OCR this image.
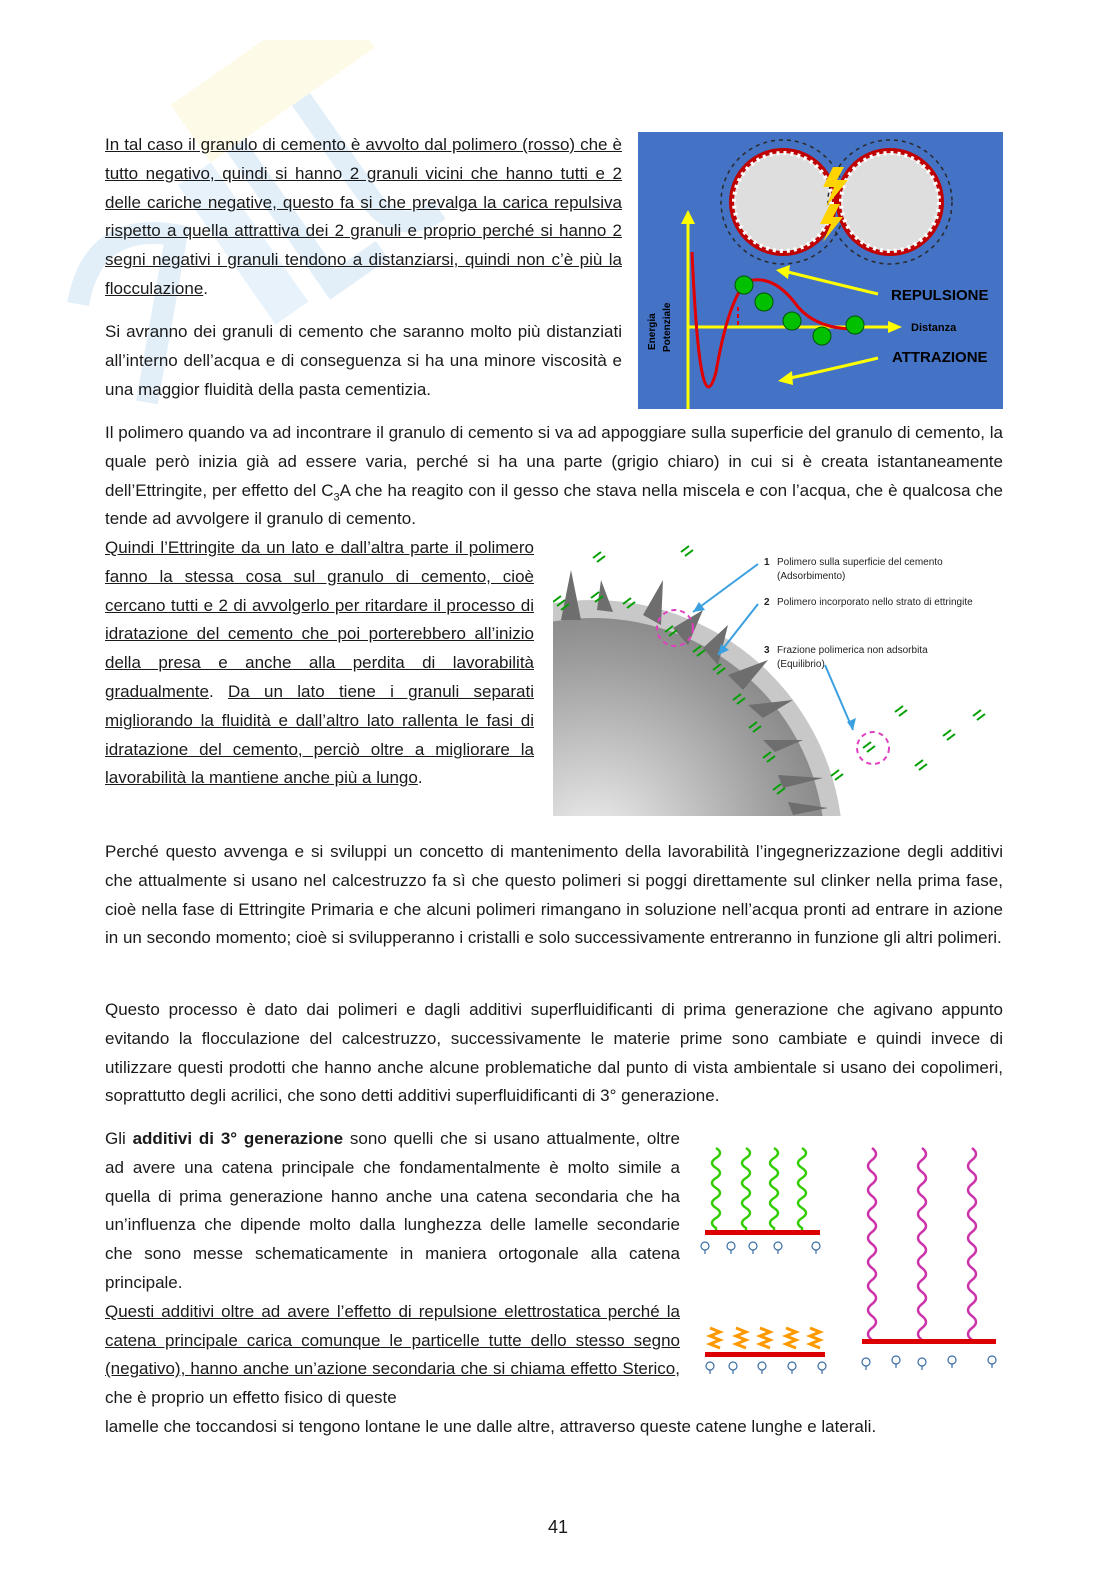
In tal caso il granulo di cemento è avvolto dal polimero (rosso) che è tutto negativo, quindi si hanno 2 granuli vicini che hanno tutti e 2 delle cariche negative, questo fa si che prevalga la carica repulsiva rispetto a quella attrattiva dei 2 granuli e proprio perché si hanno 2 segni negativi i granuli tendono a distanziarsi, quindi non c’è più la flocculazione.

Si avranno dei granuli di cemento che saranno molto più distanziati all’interno dell’acqua e di conseguenza si ha una minore viscosità e una maggior fluidità della pasta cementizia.

REPULSIONE
Distanza
ATTRAZIONE
Energia Potenziale

Il polimero quando va ad incontrare il granulo di cemento si va ad appoggiare sulla superficie del granulo di cemento, la quale però inizia già ad essere varia, perché si ha una parte (grigio chiaro) in cui si è creata istantaneamente dell’Ettringite, per effetto del $C_3A$ che ha reagito con il gesso che stava nella miscela e con l’acqua, che è qualcosa che tende ad avvolgere il granulo di cemento.

Quindi l’Ettringite da un lato e dall’altra parte il polimero fanno la stessa cosa sul granulo di cemento, cioè cercano tutti e 2 di avvolgerlo per ritardare il processo di idratazione del cemento che poi porterebbero all’inizio della presa e anche alla perdita di lavorabilità gradualmente. Da un lato tiene i granuli separati migliorando la fluidità e dall’altro lato rallenta le fasi di idratazione del cemento, perciò oltre a migliorare la lavorabilità la mantiene anche più a lungo.

1 Polimero sulla superficie del cemento
(Adsorbimento)
2 Polimero incorporato nello strato di ettringite
3 Frazione polimerica non adsorbita
(Equilibrio)

Perché questo avvenga e si sviluppi un concetto di mantenimento della lavorabilità l’ingegnerizzazione degli additivi che attualmente si usano nel calcestruzzo fa sì che questo polimeri si poggi direttamente sul clinker nella prima fase, cioè nella fase di Ettringite Primaria e che alcuni polimeri rimangano in soluzione nell’acqua pronti ad entrare in azione in un secondo momento; cioè si svilupperanno i cristalli e solo successivamente entreranno in funzione gli altri polimeri.

Questo processo è dato dai polimeri e dagli additivi superfluidificanti di prima generazione che agivano appunto evitando la flocculazione del calcestruzzo, successivamente le materie prime sono cambiate e quindi invece di utilizzare questi prodotti che hanno anche alcune problematiche dal punto di vista ambientale si usano dei copolimeri, soprattutto degli acrilici, che sono detti additivi superfluidificanti di 3° generazione.

Gli additivi di 3° generazione sono quelli che si usano attualmente, oltre ad avere una catena principale che fondamentalmente è molto simile a quella di prima generazione hanno anche una catena secondaria che ha un’influenza che dipende molto dalla lunghezza delle lamelle secondarie che sono messe schematicamente in maniera ortogonale alla catena principale.

Questi additivi oltre ad avere l’effetto di repulsione elettrostatica perché la catena principale carica comunque le particelle tutte dello stesso segno (negativo), hanno anche un’azione secondaria che si chiama effetto Sterico, che è proprio un effetto fisico di queste

lamelle che toccandosi si tengono lontane le une dalle altre, attraverso queste catene lunghe e laterali.

41
